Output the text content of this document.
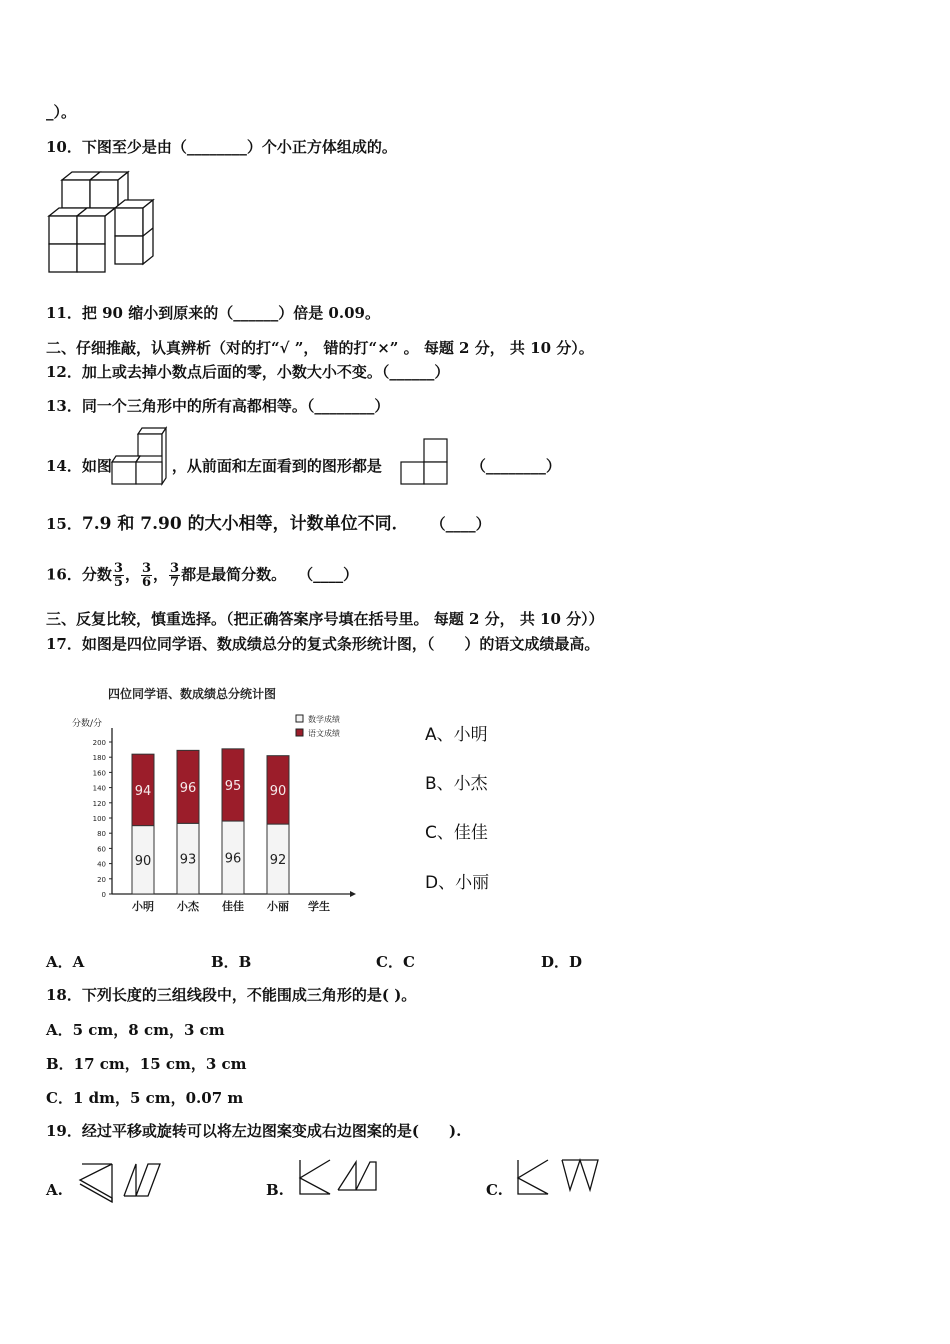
_）。
10．下图至少是由（________）个小正方体组成的。
11．把 90 缩小到原来的（______）倍是 0.09。
二、仔细推敲，认真辨析（对的打“√ ”， 错的打“×” 。 每题 2 分， 共 10 分）。
12．加上或去掉小数点后面的零，小数大小不变。（______）
13．同一个三角形中的所有高都相等。（________）
14．如图	，从前面和左面看到的图形都是	（________）
15．7.9 和 7.90 的大小相等，计数单位不同． （____）
16．分数 $\frac{3}{5}$ ， $\frac{3}{6}$ ， $\frac{3}{7}$ 都是最简分数。 （____）
三、反复比较，慎重选择。（把正确答案序号填在括号里。 每题 2 分， 共 10 分））
17．如图是四位同学语、数成绩总分的复式条形统计图，（　　）的语文成绩最高。
四位同学语、数成绩总分统计图
分数/分
学生
数学成绩
语文成绩
0
20
40
60
80
100
120
140
160
180
200
90
94
小明
93
96
小杰
96
95
佳佳
92
90
小丽
A、小明
B、小杰
C、佳佳
D、小丽
A．A	B．B	C．C	D．D
18．下列长度的三组线段中，不能围成三角形的是( )。
A．5 cm，8 cm，3 cm
B．17 cm，15 cm，3 cm
C．1 dm，5 cm，0.07 m
19．经过平移或旋转可以将左边图案变成右边图案的是(　　).
A.	B.	C.
